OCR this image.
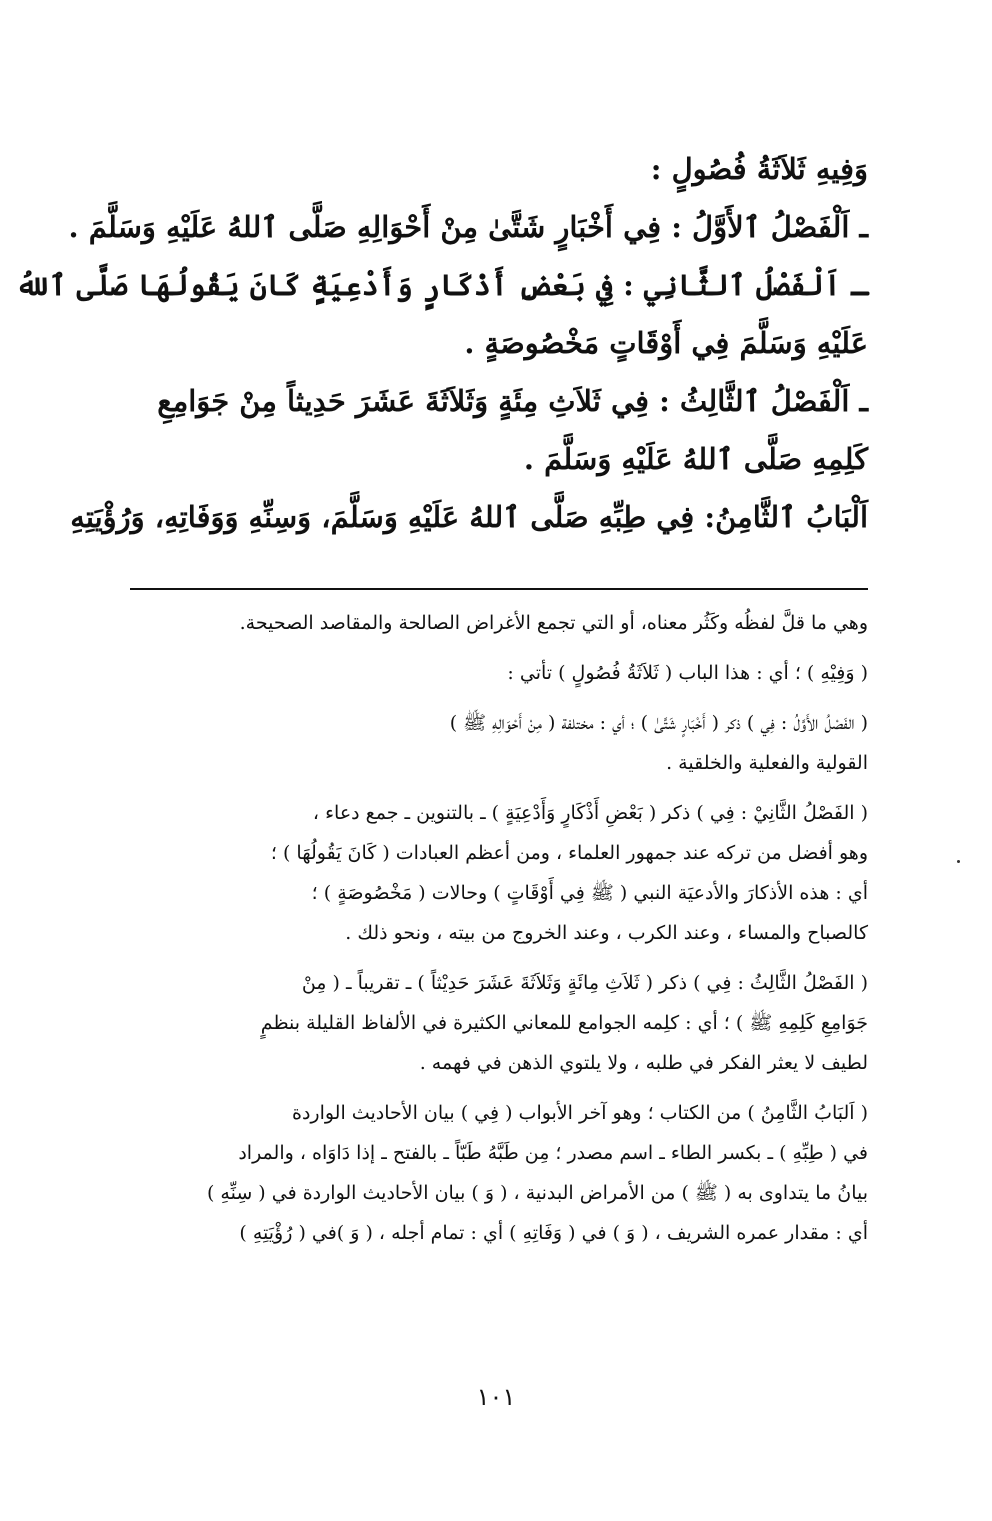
وَفِيهِ ثَلاَثَةُ فُصُولٍ :
ـ اَلْفَصْلُ ٱلأَوَّلُ : فِي أَخْبَارٍ شَتَّىٰ مِنْ أَحْوَالِهِ صَلَّى ٱللهُ عَلَيْهِ وَسَلَّمَ .
ـ اَلْفَصْلُ ٱلثَّانِي : فِي بَعْضِ أَذْكَارٍ وَأَدْعِيَةٍ كَانَ يَقُولُهَا صَلَّى ٱللهُ
عَلَيْهِ وَسَلَّمَ فِي أَوْقَاتٍ مَخْصُوصَةٍ .
ـ اَلْفَصْلُ ٱلثَّالِثُ : فِي ثَلاَثِ مِئَةٍ وَثَلاَثَةَ عَشَرَ حَدِيثاً مِنْ جَوَامِعِ
كَلِمِهِ صَلَّى ٱللهُ عَلَيْهِ وَسَلَّمَ .
اَلْبَابُ ٱلثَّامِنُ: فِي طِبِّهِ صَلَّى ٱللهُ عَلَيْهِ وَسَلَّمَ، وَسِنِّهِ وَوَفَاتِهِ، وَرُؤْيَتِهِ
وهي ما قلَّ لفظُه وكَثُر معناه، أو التي تجمع الأغراض الصالحة والمقاصد الصحيحة.
( وَفِيْهِ ) ؛ أي : هذا الباب ( ثَلاَثَةُ فُصُولٍ ) تأتي :
( الفَصْلُ الأَوَّلُ : فِي ) ذكر ( أَخْبَارٍ شَتَّىٰ ) ؛ أي : مختلفة ( مِنْ أَحْوَالِهِ ﷺ )
القولية والفعلية والخلقية .
( الفَصْلُ الثَّانِيْ : فِي ) ذكر ( بَعْضِ أَذْكَارٍ وَأَدْعِيَةٍ ) ـ بالتنوين ـ جمع دعاء ،
وهو أفضل من تركه عند جمهور العلماء ، ومن أعظم العبادات ( كَانَ يَقُولُهَا ) ؛
أي : هذه الأذكارَ والأدعيَة النبي ( ﷺ فِي أَوْقَاتٍ ) وحالات ( مَخْصُوصَةٍ ) ؛
كالصباح والمساء ، وعند الكرب ، وعند الخروج من بيته ، ونحو ذلك .
( الفَصْلُ الثَّالِثُ : فِي ) ذكر ( ثَلاَثِ مِائَةٍ وَثَلاَثَةَ عَشَرَ حَدِيْثاً ) ـ تقريباً ـ ( مِنْ
جَوَامِعِ كَلِمِهِ ﷺ ) ؛ أي : كلِمه الجوامع للمعاني الكثيرة في الألفاظ القليلة بنظمٍ
لطيف لا يعثر الفكر في طلبه ، ولا يلتوي الذهن في فهمه .
( اَلبَابُ الثَّامِنُ ) من الكتاب ؛ وهو آخر الأبواب ( فِي ) بيان الأحاديث الواردة
في ( طِبِّهِ ) ـ بكسر الطاء ـ اسم مصدر ؛ مِن طَبَّهُ طَبّاً ـ بالفتح ـ إذا دَاوَاه ، والمراد
بيانُ ما يتداوى به ( ﷺ ) من الأمراض البدنية ، ( وَ ) بيان الأحاديث الواردة في ( سِنِّهِ )
أي : مقدار عمره الشريف ، ( وَ ) في ( وَفَاتِهِ ) أي : تمام أجله ، ( وَ )في ( رُؤْيَتِهِ )
١٠١
